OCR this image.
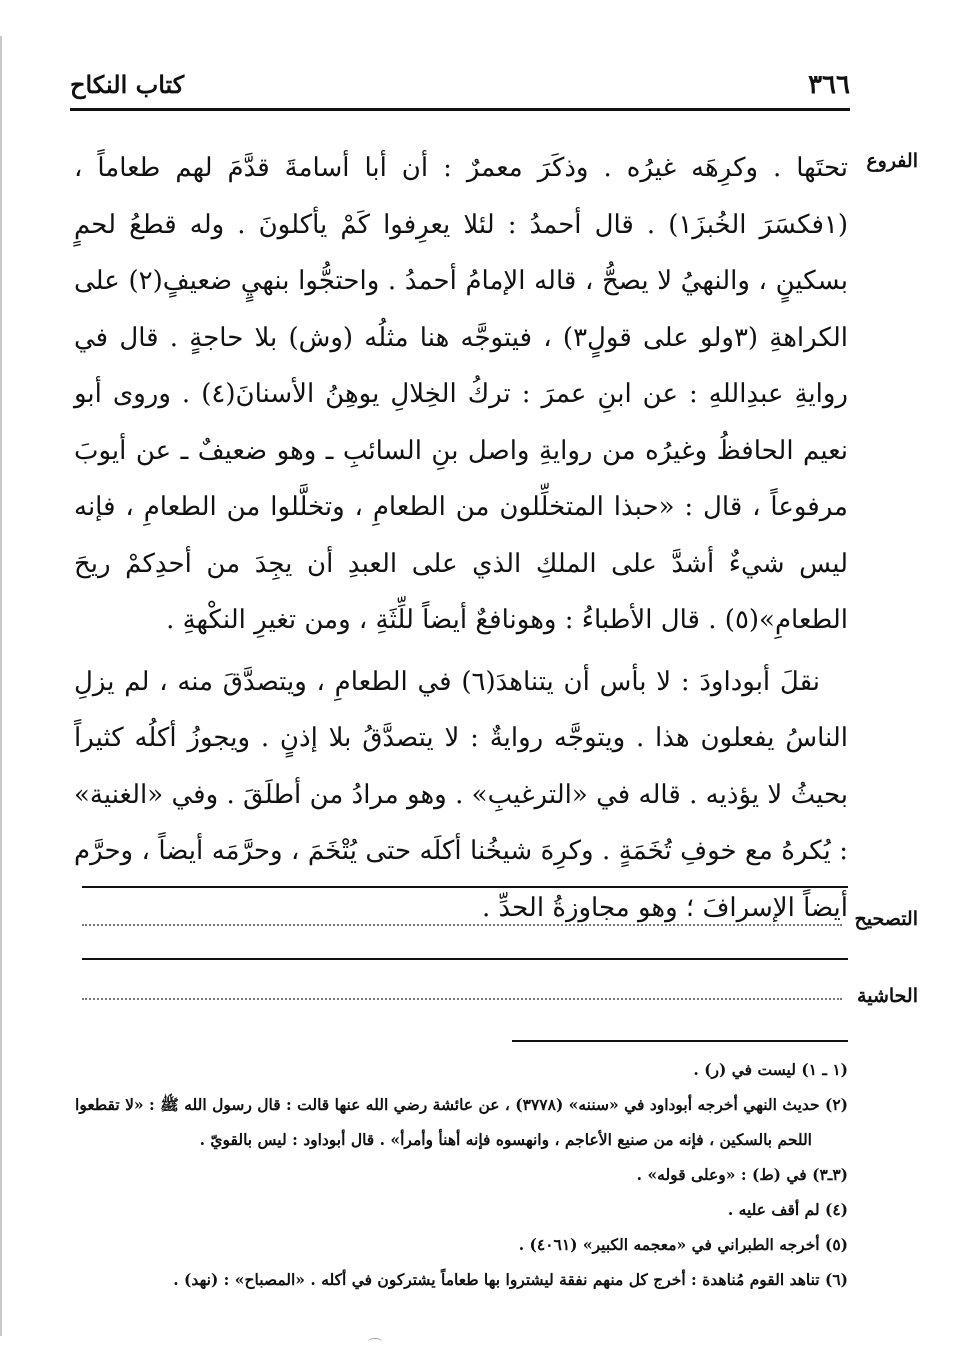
٣٦٦
كتاب النكاح
الفروع

تحتَها . وكرِهَه غيرُه . وذكَرَ معمرٌ : أن أبا أسامةَ قدَّمَ لهم طعاماً ، (١فكسَرَ الخُبزَ١) . قال أحمدُ : لئلا يعرِفوا كَمْ يأكلونَ . وله قطعُ لحمٍ بسكينٍ ، والنهيُ لا يصحُّ ، قاله الإمامُ أحمدُ . واحتجُّوا بنهيٍ ضعيفٍ(٢) على الكراهةِ (٣ولو على قولٍ٣) ، فيتوجَّه هنا مثلُه (وش) بلا حاجةٍ . قال في روايةِ عبدِاللهِ : عن ابنِ عمرَ : تركُ الخِلالِ يوهِنُ الأسنانَ(٤) . وروى أبو نعيم الحافظُ وغيرُه من روايةِ واصل بنِ السائبِ ـ وهو ضعيفٌ ـ عن أيوبَ مرفوعاً ، قال : «حبذا المتخلِّلون من الطعامِ ، وتخلَّلوا من الطعامِ ، فإنه ليس شيءٌ أشدَّ على الملكِ الذي على العبدِ أن يجِدَ من أحدِكمْ ريحَ الطعامِ»(٥) . قال الأطباءُ : وهونافعٌ أيضاً للِّثَةِ ، ومن تغيرِ النكْهةِ .

نقلَ أبوداودَ : لا بأس أن يتناهدَ(٦) في الطعامِ ، ويتصدَّقَ منه ، لم يزلِ الناسُ يفعلون هذا . ويتوجَّه روايةٌ : لا يتصدَّقُ بلا إذنٍ . ويجوزُ أكلُه كثيراً بحيثُ لا يؤذيه . قاله في «الترغيبِ» . وهو مرادُ من أطلَقَ . وفي «الغنية» : يُكرهُ مع خوفِ تُخَمَةٍ . وكرِهَ شيخُنا أكلَه حتى يُتْخَمَ ، وحرَّمَه أيضاً ، وحرَّم أيضاً الإسرافَ ؛ وهو مجاوزةُ الحدِّ . التصحيح
الحاشية

(١ ـ ١) ليست في (ر) .

(٢) حديث النهي أخرجه أبوداود في «سننه» (٣٧٧٨) ، عن عائشة رضي الله عنها قالت : قال رسول الله ﷺ : «لا تقطعوا

اللحم بالسكين ، فإنه من صنيع الأعاجم ، وانهسوه فإنه أهنأ وأمرأ» . قال أبوداود : ليس بالقويّ .

(٣ـ٣) في (ط) : «وعلى قوله» .

(٤) لم أقف عليه .

(٥) أخرجه الطبراني في «معجمه الكبير» (٤٠٦١) .

(٦) تناهد القوم مُناهدة : أخرج كل منهم نفقة ليشتروا بها طعاماً يشتركون في أكله . «المصباح» : (نهد) .
